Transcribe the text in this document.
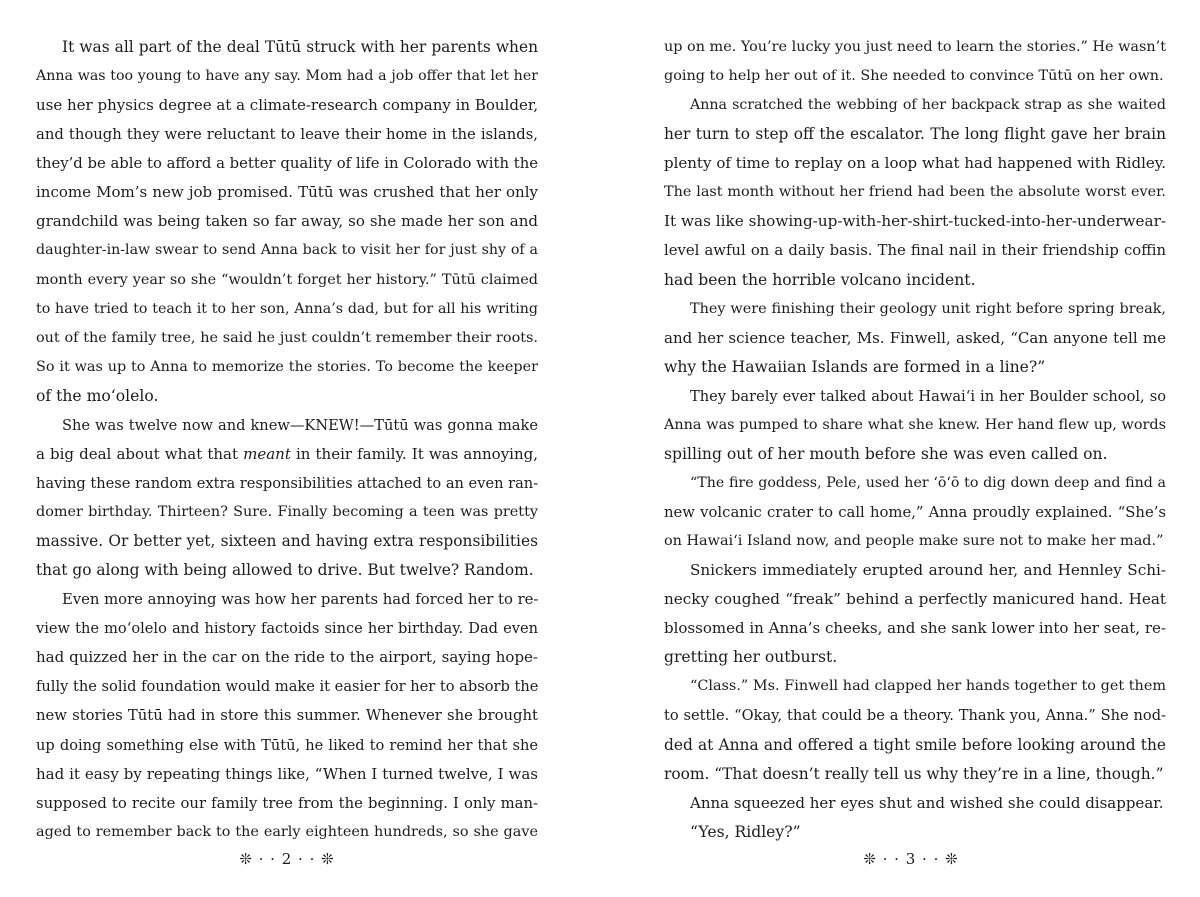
It was all part of the deal Tūtū struck with her parents when
Anna was too young to have any say. Mom had a job offer that let her
use her physics degree at a climate-research company in Boulder,
and though they were reluctant to leave their home in the islands,
they’d be able to afford a better quality of life in Colorado with the
income Mom’s new job promised. Tūtū was crushed that her only
grandchild was being taken so far away, so she made her son and
daughter-in-law swear to send Anna back to visit her for just shy of a
month every year so she “wouldn’t forget her history.” Tūtū claimed
to have tried to teach it to her son, Anna’s dad, but for all his writing
out of the family tree, he said he just couldn’t remember their roots.
So it was up to Anna to memorize the stories. To become the keeper
of the moʻolelo.
She was twelve now and knew—KNEW!—Tūtū was gonna make
a big deal about what that meant in their family. It was annoying,
having these random extra responsibilities attached to an even ran-
domer birthday. Thirteen? Sure. Finally becoming a teen was pretty
massive. Or better yet, sixteen and having extra responsibilities
that go along with being allowed to drive. But twelve? Random.
Even more annoying was how her parents had forced her to re-
view the moʻolelo and history factoids since her birthday. Dad even
had quizzed her in the car on the ride to the airport, saying hope-
fully the solid foundation would make it easier for her to absorb the
new stories Tūtū had in store this summer. Whenever she brought
up doing something else with Tūtū, he liked to remind her that she
had it easy by repeating things like, “When I turned twelve, I was
supposed to recite our family tree from the beginning. I only man-
aged to remember back to the early eighteen hundreds, so she gave
❊ · · 2 · · ❊
up on me. You’re lucky you just need to learn the stories.” He wasn’t
going to help her out of it. She needed to convince Tūtū on her own.
Anna scratched the webbing of her backpack strap as she waited
her turn to step off the escalator. The long flight gave her brain
plenty of time to replay on a loop what had happened with Ridley.
The last month without her friend had been the absolute worst ever.
It was like showing-up-with-her-shirt-tucked-into-her-underwear-
level awful on a daily basis. The final nail in their friendship coffin
had been the horrible volcano incident.
They were finishing their geology unit right before spring break,
and her science teacher, Ms. Finwell, asked, “Can anyone tell me
why the Hawaiian Islands are formed in a line?”
They barely ever talked about Hawaiʻi in her Boulder school, so
Anna was pumped to share what she knew. Her hand flew up, words
spilling out of her mouth before she was even called on.
“The fire goddess, Pele, used her ʻōʻō to dig down deep and find a
new volcanic crater to call home,” Anna proudly explained. “She’s
on Hawaiʻi Island now, and people make sure not to make her mad.”
Snickers immediately erupted around her, and Hennley Schi-
necky coughed “freak” behind a perfectly manicured hand. Heat
blossomed in Anna’s cheeks, and she sank lower into her seat, re-
gretting her outburst.
“Class.” Ms. Finwell had clapped her hands together to get them
to settle. “Okay, that could be a theory. Thank you, Anna.” She nod-
ded at Anna and offered a tight smile before looking around the
room. “That doesn’t really tell us why they’re in a line, though.”
Anna squeezed her eyes shut and wished she could disappear.
“Yes, Ridley?”
❊ · · 3 · · ❊
